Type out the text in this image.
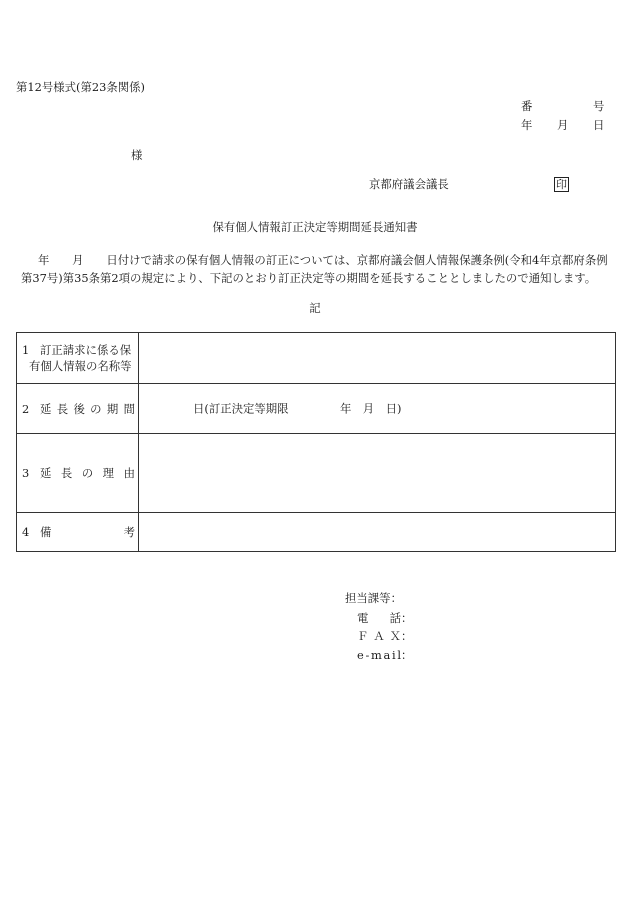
第12号様式(第23条関係)
番	号
年 月 日
様
京都府議会議長	印
保有個人情報訂正決定等期間延長通知書
年　　月　　日付けで請求の保有個人情報の訂正については、京都府議会個人情報保護条例(令和4年京都府条例
第37号)第35条第2項の規定により、下記のとおり訂正決定等の期間を延長することとしましたので通知します。
記
1 訂正請求に係る保
有個人情報の名称等
2 延 長 後 の 期 間	日(訂正決定等期限	年　月　日)
3 延 長 の 理 由
4 備	考
担当課等：
電 話 ：
Ｆ Ａ Ｘ ：
e - m a i l ：
